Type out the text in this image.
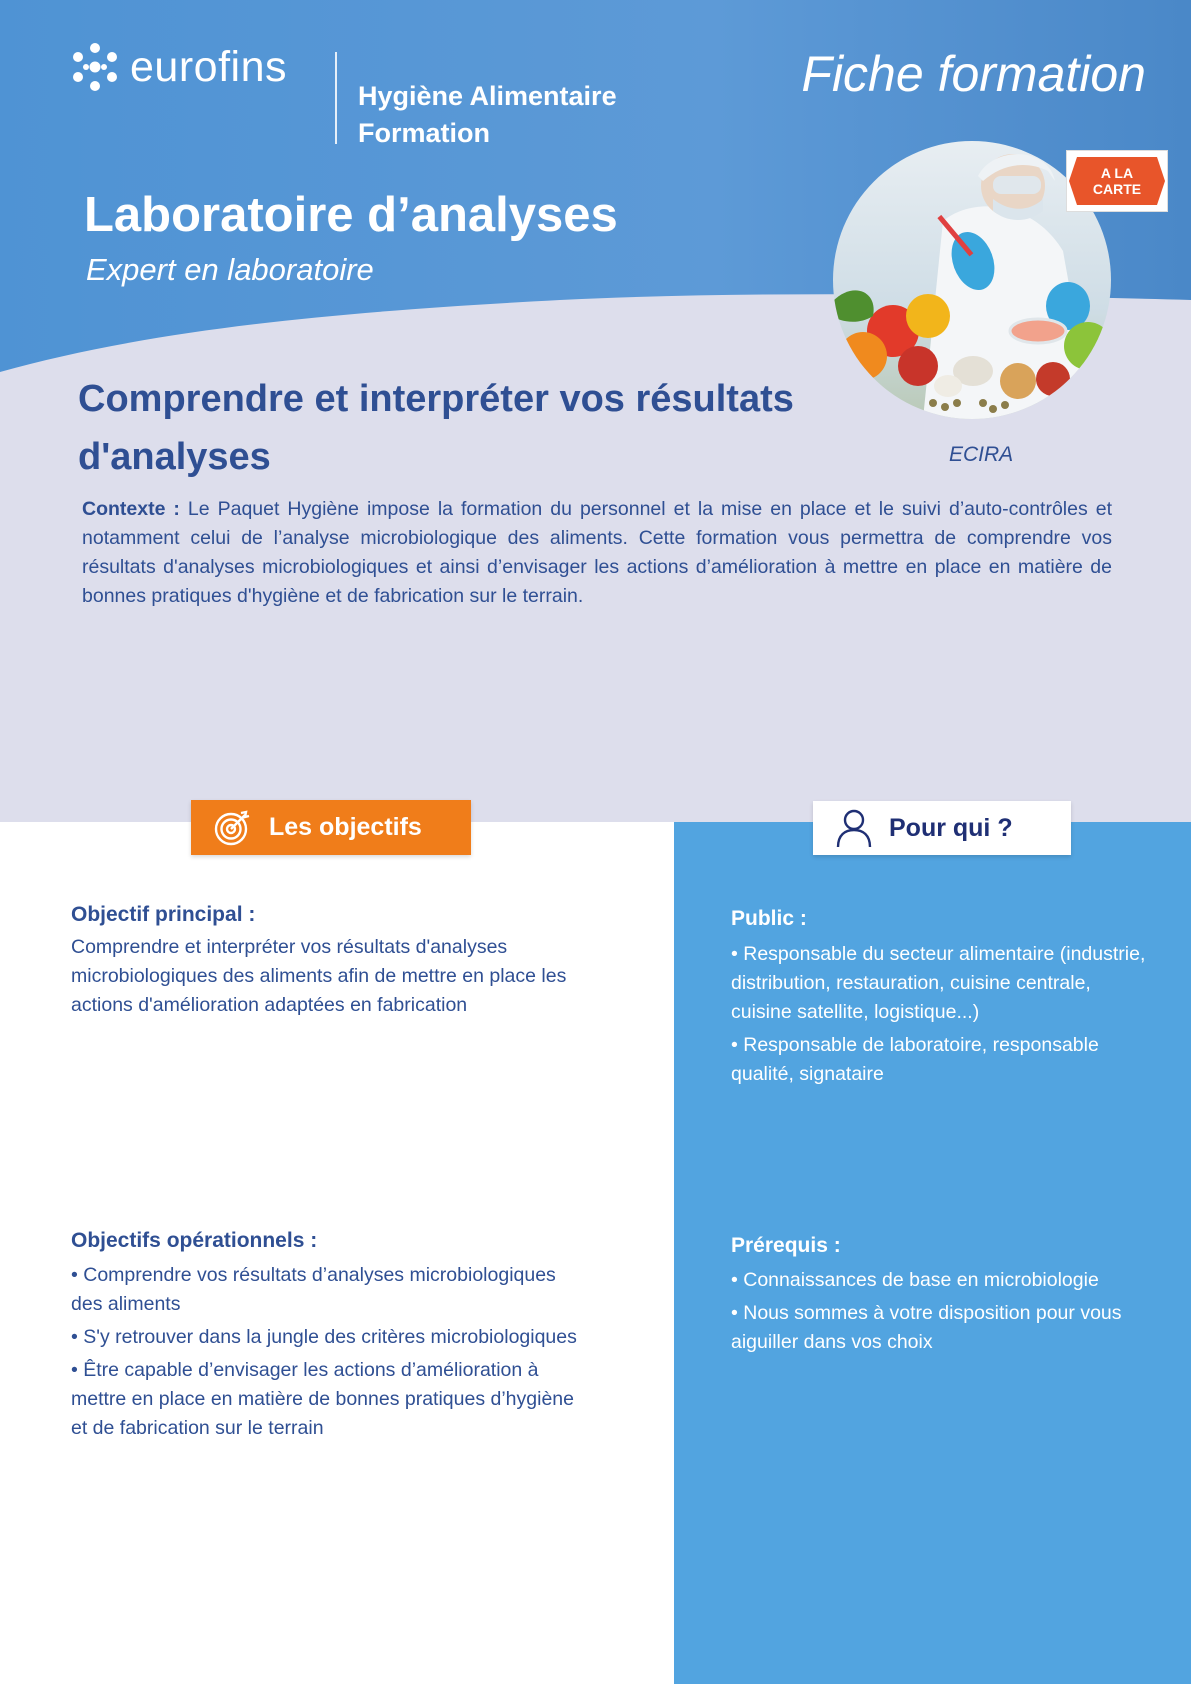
eurofins
Hygiène Alimentaire
Formation
Fiche formation
Laboratoire d’analyses
Expert en laboratoire
A LA
CARTE
ECIRA
Comprendre et interpréter vos résultats
d'analyses
Contexte : Le Paquet Hygiène impose la formation du personnel et la mise en place et le suivi d’auto-contrôles et notamment celui de l’analyse microbiologique des aliments. Cette formation vous permettra de comprendre vos résultats d'analyses microbiologiques et ainsi d’envisager les actions d’amélioration à mettre en place en matière de bonnes pratiques d'hygiène et de fabrication sur le terrain.
Les objectifs	Pour qui ?
Objectif principal :
Comprendre et interpréter vos résultats d'analyses microbiologiques des aliments afin de mettre en place les actions d'amélioration adaptées en fabrication
Objectifs opérationnels :

• Comprendre vos résultats d’analyses microbiologiques des aliments

• S'y retrouver dans la jungle des critères microbiologiques

• Être capable d’envisager les actions d’amélioration à mettre en place en matière de bonnes pratiques d’hygiène et de fabrication sur le terrain

Public :

• Responsable du secteur alimentaire (industrie, distribution, restauration, cuisine centrale, cuisine satellite, logistique...)

• Responsable de laboratoire, responsable qualité, signataire

Prérequis :

• Connaissances de base en microbiologie

• Nous sommes à votre disposition pour vous aiguiller dans vos choix
